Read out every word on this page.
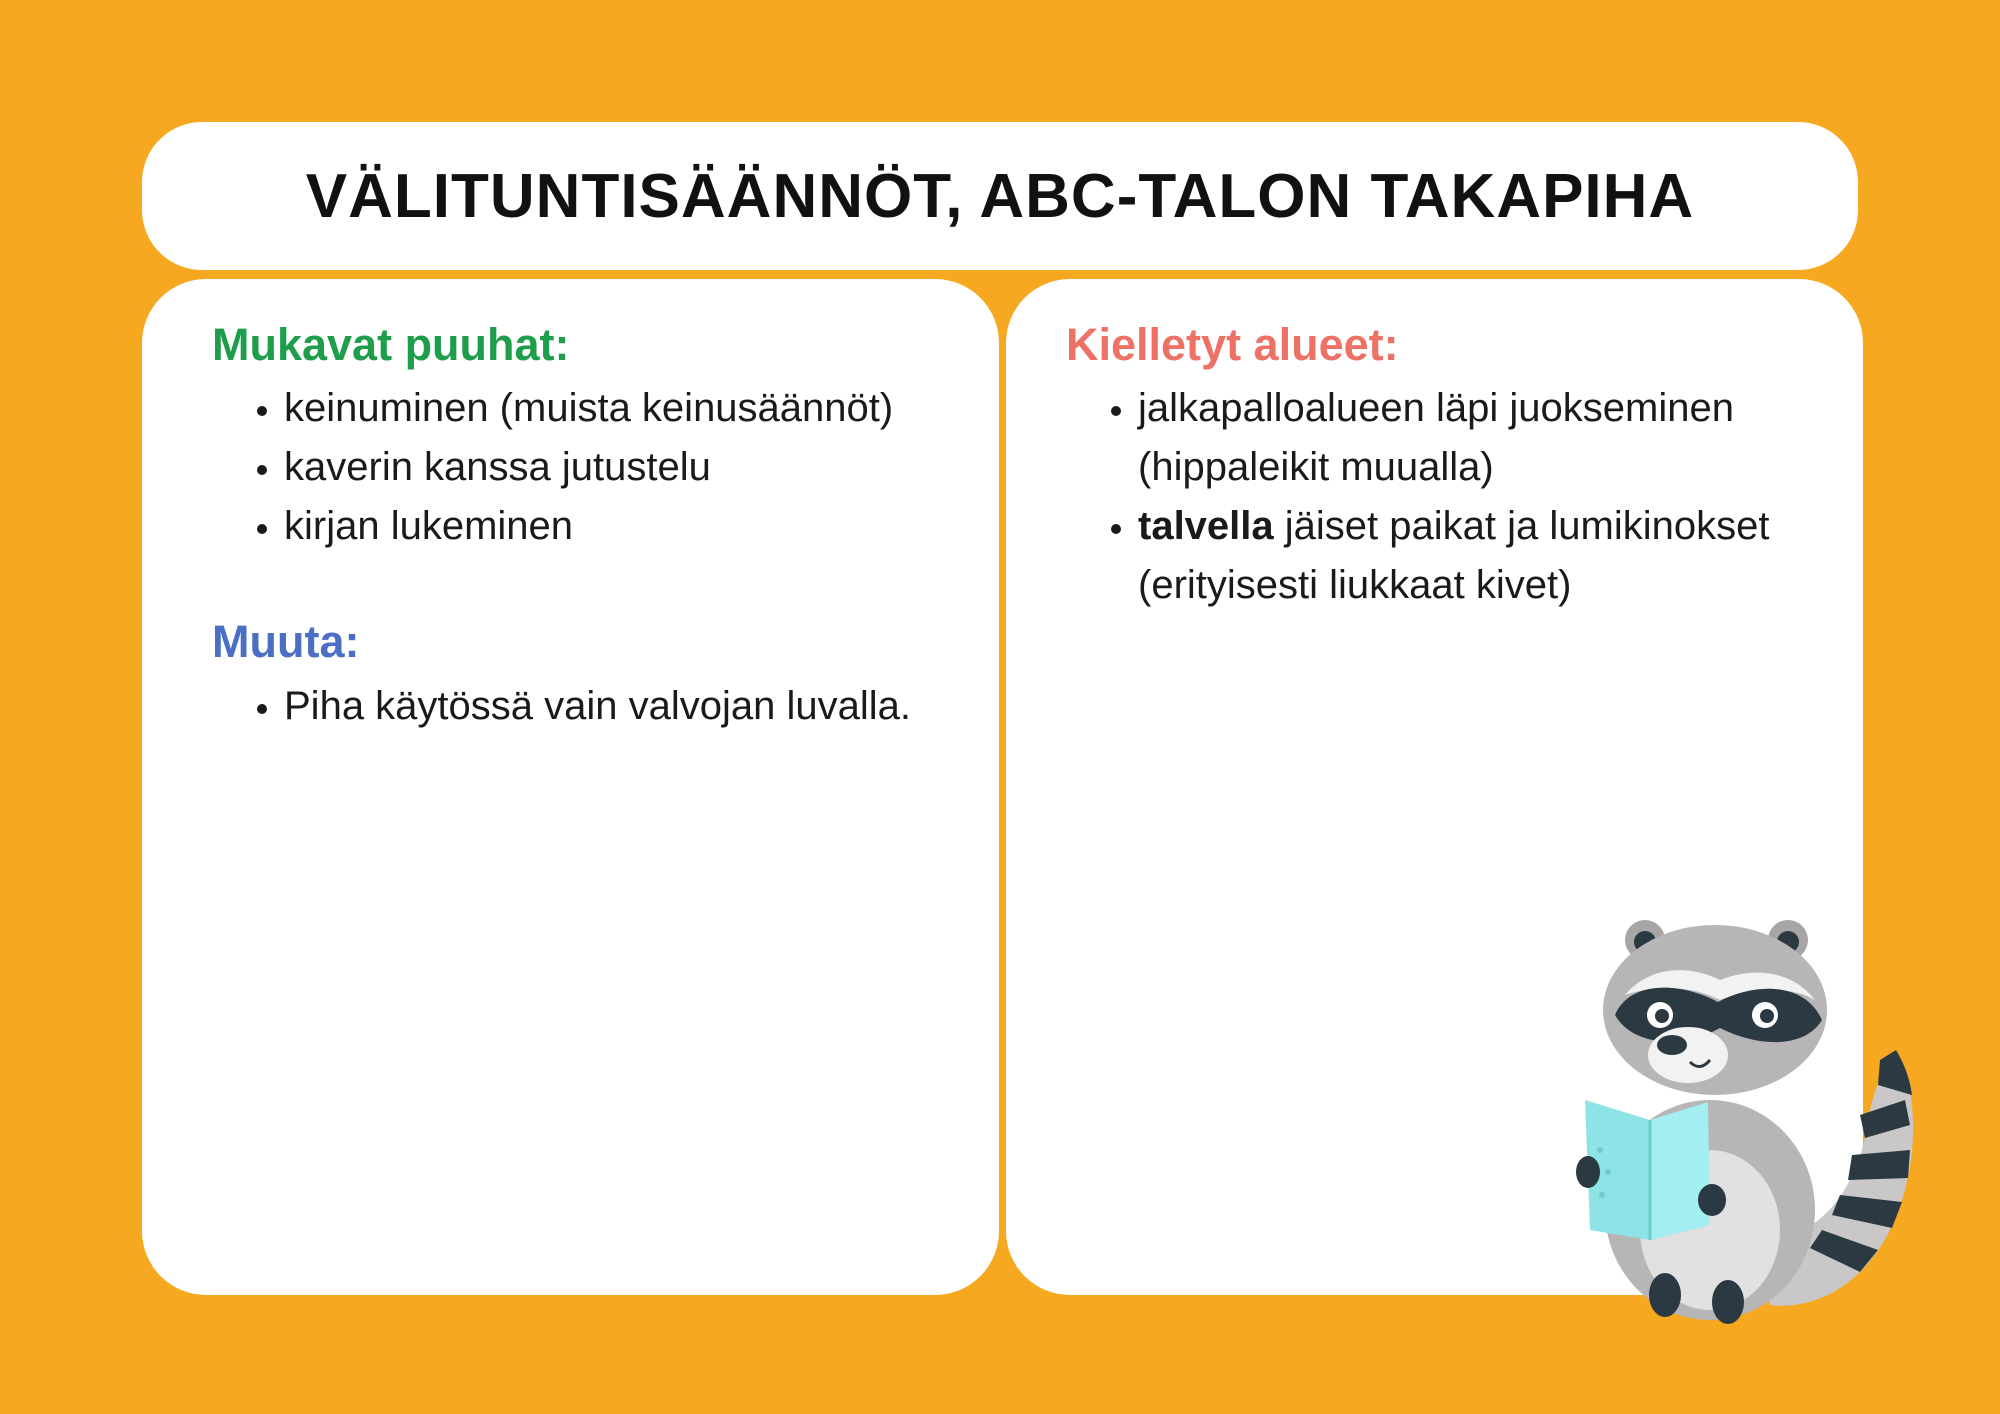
VÄLITUNTISÄÄNNÖT, ABC-TALON TAKAPIHA

Mukavat puuhat:

• keinuminen (muista keinusäännöt)
• kaverin kanssa jutustelu
• kirjan lukeminen

Muuta:

• Piha käytössä vain valvojan luvalla.

Kielletyt alueet:

• jalkapalloalueen läpi juokseminen (hippaleikit muualla)
• talvella jäiset paikat ja lumikinokset (erityisesti liukkaat kivet)
